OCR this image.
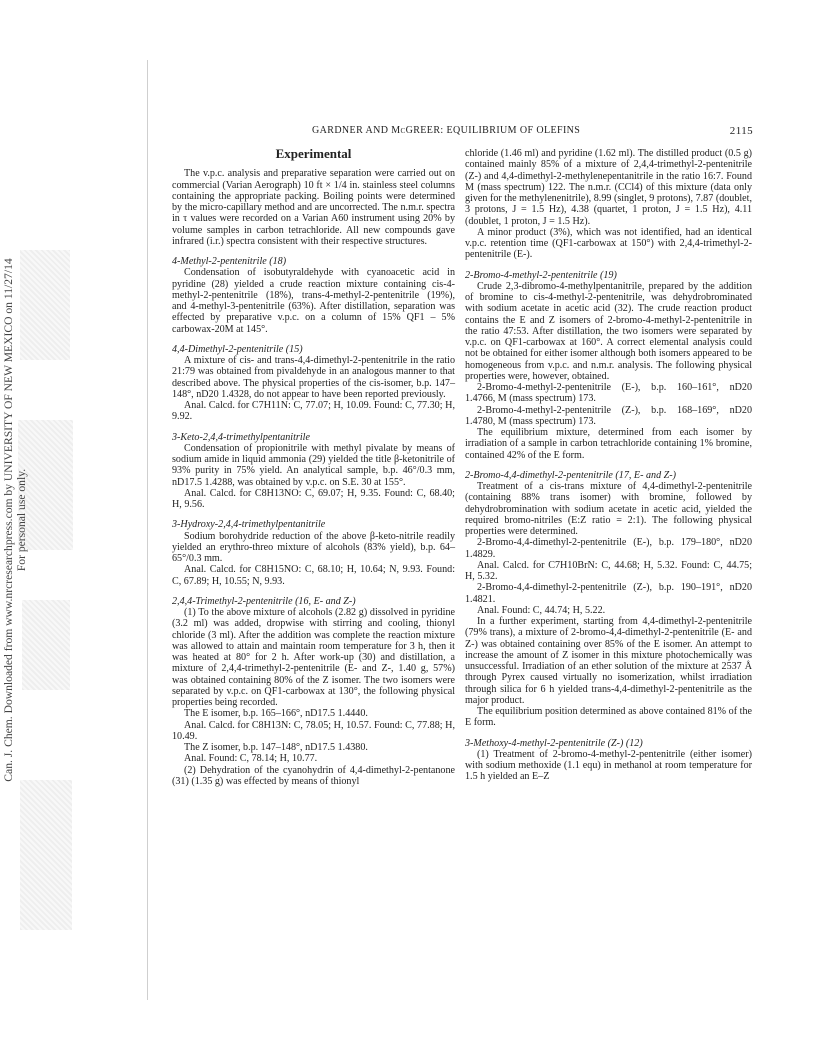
Can. J. Chem. Downloaded from www.nrcresearchpress.com by UNIVERSITY OF NEW MEXICO on 11/27/14 For personal use only.
GARDNER AND McGREER: EQUILIBRIUM OF OLEFINS	2115
Experimental

The v.p.c. analysis and preparative separation were carried out on commercial (Varian Aerograph) 10 ft × 1/4 in. stainless steel columns containing the appropriate packing. Boiling points were determined by the micro-capillary method and are uncorrected. The n.m.r. spectra in τ values were recorded on a Varian A60 instrument using 20% by volume samples in carbon tetrachloride. All new compounds gave infrared (i.r.) spectra consistent with their respective structures.

4-Methyl-2-pentenitrile (18)

Condensation of isobutyraldehyde with cyanoacetic acid in pyridine (28) yielded a crude reaction mixture containing cis-4-methyl-2-pentenitrile (18%), trans-4-methyl-2-pentenitrile (19%), and 4-methyl-3-pentenitrile (63%). After distillation, separation was effected by preparative v.p.c. on a column of 15% QF1 – 5% carbowax-20M at 145°.

4,4-Dimethyl-2-pentenitrile (15)

A mixture of cis- and trans-4,4-dimethyl-2-pentenitrile in the ratio 21:79 was obtained from pivaldehyde in an analogous manner to that described above. The physical properties of the cis-isomer, b.p. 147–148°, nD20 1.4328, do not appear to have been reported previously.

Anal. Calcd. for C7H11N: C, 77.07; H, 10.09. Found: C, 77.30; H, 9.92.

3-Keto-2,4,4-trimethylpentanitrile

Condensation of propionitrile with methyl pivalate by means of sodium amide in liquid ammonia (29) yielded the title β-ketonitrile of 93% purity in 75% yield. An analytical sample, b.p. 46°/0.3 mm, nD17.5 1.4288, was obtained by v.p.c. on S.E. 30 at 155°.

Anal. Calcd. for C8H13NO: C, 69.07; H, 9.35. Found: C, 68.40; H, 9.56.

3-Hydroxy-2,4,4-trimethylpentanitrile

Sodium borohydride reduction of the above β-keto-nitrile readily yielded an erythro-threo mixture of alcohols (83% yield), b.p. 64–65°/0.3 mm.

Anal. Calcd. for C8H15NO: C, 68.10; H, 10.64; N, 9.93. Found: C, 67.89; H, 10.55; N, 9.93.

2,4,4-Trimethyl-2-pentenitrile (16, E- and Z-)

(1) To the above mixture of alcohols (2.82 g) dissolved in pyridine (3.2 ml) was added, dropwise with stirring and cooling, thionyl chloride (3 ml). After the addition was complete the reaction mixture was allowed to attain and maintain room temperature for 3 h, then it was heated at 80° for 2 h. After work-up (30) and distillation, a mixture of 2,4,4-trimethyl-2-pentenitrile (E- and Z-, 1.40 g, 57%) was obtained containing 80% of the Z isomer. The two isomers were separated by v.p.c. on QF1-carbowax at 130°, the following physical properties being recorded.

The E isomer, b.p. 165–166°, nD17.5 1.4440.

Anal. Calcd. for C8H13N: C, 78.05; H, 10.57. Found: C, 77.88; H, 10.49.

The Z isomer, b.p. 147–148°, nD17.5 1.4380.

Anal. Found: C, 78.14; H, 10.77.

(2) Dehydration of the cyanohydrin of 4,4-dimethyl-2-pentanone (31) (1.35 g) was effected by means of thionyl

chloride (1.46 ml) and pyridine (1.62 ml). The distilled product (0.5 g) contained mainly 85% of a mixture of 2,4,4-trimethyl-2-pentenitrile (Z-) and 4,4-dimethyl-2-methylenepentanitrile in the ratio 16:7. Found M (mass spectrum) 122. The n.m.r. (CCl4) of this mixture (data only given for the methylenenitrile), 8.99 (singlet, 9 protons), 7.87 (doublet, 3 protons, J = 1.5 Hz), 4.38 (quartet, 1 proton, J = 1.5 Hz), 4.11 (doublet, 1 proton, J = 1.5 Hz).

A minor product (3%), which was not identified, had an identical v.p.c. retention time (QF1-carbowax at 150°) with 2,4,4-trimethyl-2-pentenitrile (E-).

2-Bromo-4-methyl-2-pentenitrile (19)

Crude 2,3-dibromo-4-methylpentanitrile, prepared by the addition of bromine to cis-4-methyl-2-pentenitrile, was dehydrobrominated with sodium acetate in acetic acid (32). The crude reaction product contains the E and Z isomers of 2-bromo-4-methyl-2-pentenitrile in the ratio 47:53. After distillation, the two isomers were separated by v.p.c. on QF1-carbowax at 160°. A correct elemental analysis could not be obtained for either isomer although both isomers appeared to be homogeneous from v.p.c. and n.m.r. analysis. The following physical properties were, however, obtained.

2-Bromo-4-methyl-2-pentenitrile (E-), b.p. 160–161°, nD20 1.4766, M (mass spectrum) 173.

2-Bromo-4-methyl-2-pentenitrile (Z-), b.p. 168–169°, nD20 1.4780, M (mass spectrum) 173.

The equilibrium mixture, determined from each isomer by irradiation of a sample in carbon tetrachloride containing 1% bromine, contained 42% of the E form.

2-Bromo-4,4-dimethyl-2-pentenitrile (17, E- and Z-)

Treatment of a cis-trans mixture of 4,4-dimethyl-2-pentenitrile (containing 88% trans isomer) with bromine, followed by dehydrobromination with sodium acetate in acetic acid, yielded the required bromo-nitriles (E:Z ratio = 2:1). The following physical properties were determined.

2-Bromo-4,4-dimethyl-2-pentenitrile (E-), b.p. 179–180°, nD20 1.4829.

Anal. Calcd. for C7H10BrN: C, 44.68; H, 5.32. Found: C, 44.75; H, 5.32.

2-Bromo-4,4-dimethyl-2-pentenitrile (Z-), b.p. 190–191°, nD20 1.4821.

Anal. Found: C, 44.74; H, 5.22.

In a further experiment, starting from 4,4-dimethyl-2-pentenitrile (79% trans), a mixture of 2-bromo-4,4-dimethyl-2-pentenitrile (E- and Z-) was obtained containing over 85% of the E isomer. An attempt to increase the amount of Z isomer in this mixture photochemically was unsuccessful. Irradiation of an ether solution of the mixture at 2537 Å through Pyrex caused virtually no isomerization, whilst irradiation through silica for 6 h yielded trans-4,4-dimethyl-2-pentenitrile as the major product.

The equilibrium position determined as above contained 81% of the E form.

3-Methoxy-4-methyl-2-pentenitrile (Z-) (12)

(1) Treatment of 2-bromo-4-methyl-2-pentenitrile (either isomer) with sodium methoxide (1.1 equ) in methanol at room temperature for 1.5 h yielded an E–Z
